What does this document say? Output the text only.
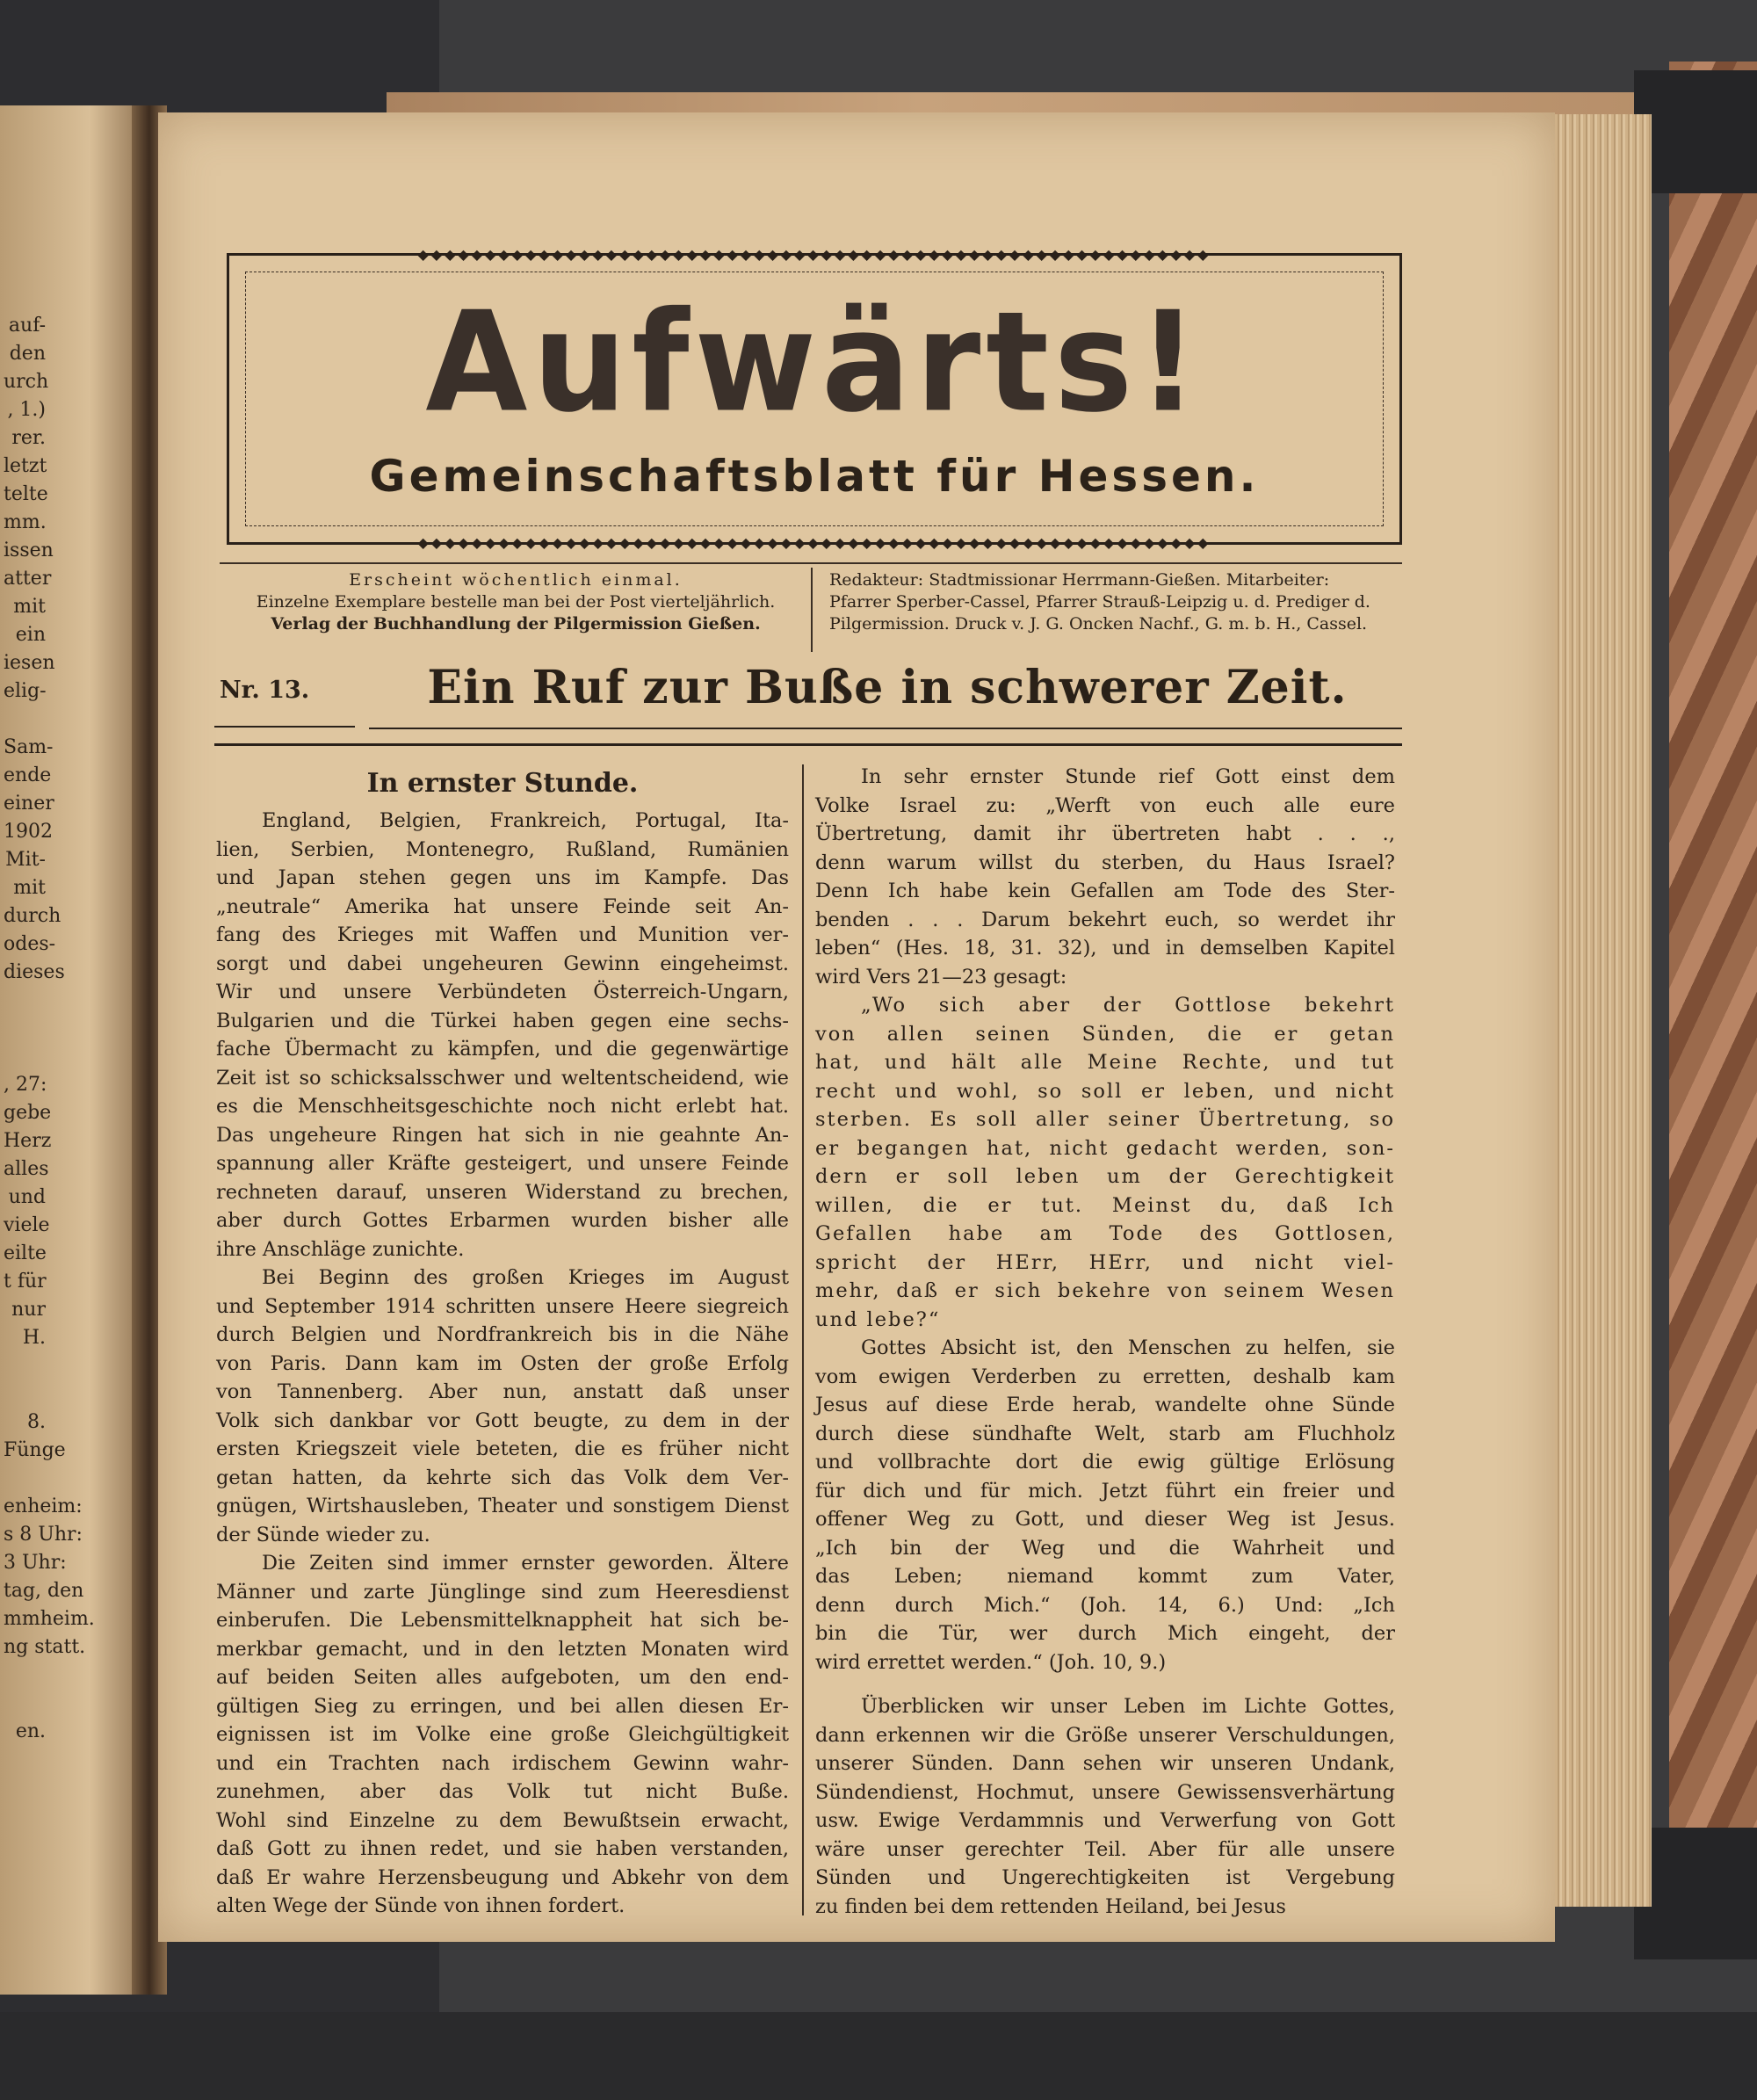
auf-
den
urch
, 1.)
rer.
letzt
telte
mm.
issen
atter
mit
ein
iesen
elig-
Sam-
ende
einer
1902
Mit-
mit
durch
odes-
dieses
, 27:
gebe
Herz
alles
und
viele
eilte
t für
nur
H.
8.
Fünge
enheim:
s 8 Uhr:
3 Uhr:
tag, den
mmheim.
ng statt.
en.
◆◆◆◆◆◆◆◆◆◆◆◆◆◆◆◆◆◆◆◆◆◆◆◆◆◆◆◆◆◆◆◆◆◆◆◆◆◆◆◆◆◆◆◆◆◆◆◆◆◆◆◆◆◆◆◆◆◆◆
◆◆◆◆◆◆◆◆◆◆◆◆◆◆◆◆◆◆◆◆◆◆◆◆◆◆◆◆◆◆◆◆◆◆◆◆◆◆◆◆◆◆◆◆◆◆◆◆◆◆◆◆◆◆◆◆◆◆◆
Aufwärts!
Gemeinschaftsblatt für Hessen.
Erscheint wöchentlich einmal.
Einzelne Exemplare bestelle man bei der Post vierteljährlich.
Verlag der Buchhandlung der Pilgermission Gießen.
Redakteur: Stadtmissionar Herrmann-Gießen. Mitarbeiter:
Pfarrer Sperber-Cassel, Pfarrer Strauß-Leipzig u. d. Prediger d.
Pilgermission. Druck v. J. G. Oncken Nachf., G. m. b. H., Cassel.
Nr. 13.	Ein Ruf zur Buße in schwerer Zeit.
In ernster Stunde.
England, Belgien, Frankreich, Portugal, Ita-
lien, Serbien, Montenegro, Rußland, Rumänien
und Japan stehen gegen uns im Kampfe. Das
„neutrale“ Amerika hat unsere Feinde seit An-
fang des Krieges mit Waffen und Munition ver-
sorgt und dabei ungeheuren Gewinn eingeheimst.
Wir und unsere Verbündeten Österreich-Ungarn,
Bulgarien und die Türkei haben gegen eine sechs-
fache Übermacht zu kämpfen, und die gegenwärtige
Zeit ist so schicksalsschwer und weltentscheidend, wie
es die Menschheitsgeschichte noch nicht erlebt hat.
Das ungeheure Ringen hat sich in nie geahnte An-
spannung aller Kräfte gesteigert, und unsere Feinde
rechneten darauf, unseren Widerstand zu brechen,
aber durch Gottes Erbarmen wurden bisher alle
ihre Anschläge zunichte.
Bei Beginn des großen Krieges im August
und September 1914 schritten unsere Heere siegreich
durch Belgien und Nordfrankreich bis in die Nähe
von Paris. Dann kam im Osten der große Erfolg
von Tannenberg. Aber nun, anstatt daß unser
Volk sich dankbar vor Gott beugte, zu dem in der
ersten Kriegszeit viele beteten, die es früher nicht
getan hatten, da kehrte sich das Volk dem Ver-
gnügen, Wirtshausleben, Theater und sonstigem Dienst
der Sünde wieder zu.
Die Zeiten sind immer ernster geworden. Ältere
Männer und zarte Jünglinge sind zum Heeresdienst
einberufen. Die Lebensmittelknappheit hat sich be-
merkbar gemacht, und in den letzten Monaten wird
auf beiden Seiten alles aufgeboten, um den end-
gültigen Sieg zu erringen, und bei allen diesen Er-
eignissen ist im Volke eine große Gleichgültigkeit
und ein Trachten nach irdischem Gewinn wahr-
zunehmen, aber das Volk tut nicht Buße.
Wohl sind Einzelne zu dem Bewußtsein erwacht,
daß Gott zu ihnen redet, und sie haben verstanden,
daß Er wahre Herzensbeugung und Abkehr von dem
alten Wege der Sünde von ihnen fordert.
In sehr ernster Stunde rief Gott einst dem
Volke Israel zu: „Werft von euch alle eure
Übertretung, damit ihr übertreten habt . . .,
denn warum willst du sterben, du Haus Israel?
Denn Ich habe kein Gefallen am Tode des Ster-
benden . . . Darum bekehrt euch, so werdet ihr
leben“ (Hes. 18, 31. 32), und in demselben Kapitel
wird Vers 21—23 gesagt:
„Wo sich aber der Gottlose bekehrt
von allen seinen Sünden, die er getan
hat, und hält alle Meine Rechte, und tut
recht und wohl, so soll er leben, und nicht
sterben. Es soll aller seiner Übertretung, so
er begangen hat, nicht gedacht werden, son-
dern er soll leben um der Gerechtigkeit
willen, die er tut. Meinst du, daß Ich
Gefallen habe am Tode des Gottlosen,
spricht der HErr, HErr, und nicht viel-
mehr, daß er sich bekehre von seinem Wesen
und lebe?“
Gottes Absicht ist, den Menschen zu helfen, sie
vom ewigen Verderben zu erretten, deshalb kam
Jesus auf diese Erde herab, wandelte ohne Sünde
durch diese sündhafte Welt, starb am Fluchholz
und vollbrachte dort die ewig gültige Erlösung
für dich und für mich. Jetzt führt ein freier und
offener Weg zu Gott, und dieser Weg ist Jesus.
„Ich bin der Weg und die Wahrheit und
das Leben; niemand kommt zum Vater,
denn durch Mich.“ (Joh. 14, 6.) Und: „Ich
bin die Tür, wer durch Mich eingeht, der
wird errettet werden.“ (Joh. 10, 9.)
Überblicken wir unser Leben im Lichte Gottes,
dann erkennen wir die Größe unserer Verschuldungen,
unserer Sünden. Dann sehen wir unseren Undank,
Sündendienst, Hochmut, unsere Gewissensverhärtung
usw. Ewige Verdammnis und Verwerfung von Gott
wäre unser gerechter Teil. Aber für alle unsere
Sünden und Ungerechtigkeiten ist Vergebung
zu finden bei dem rettenden Heiland, bei Jesus
